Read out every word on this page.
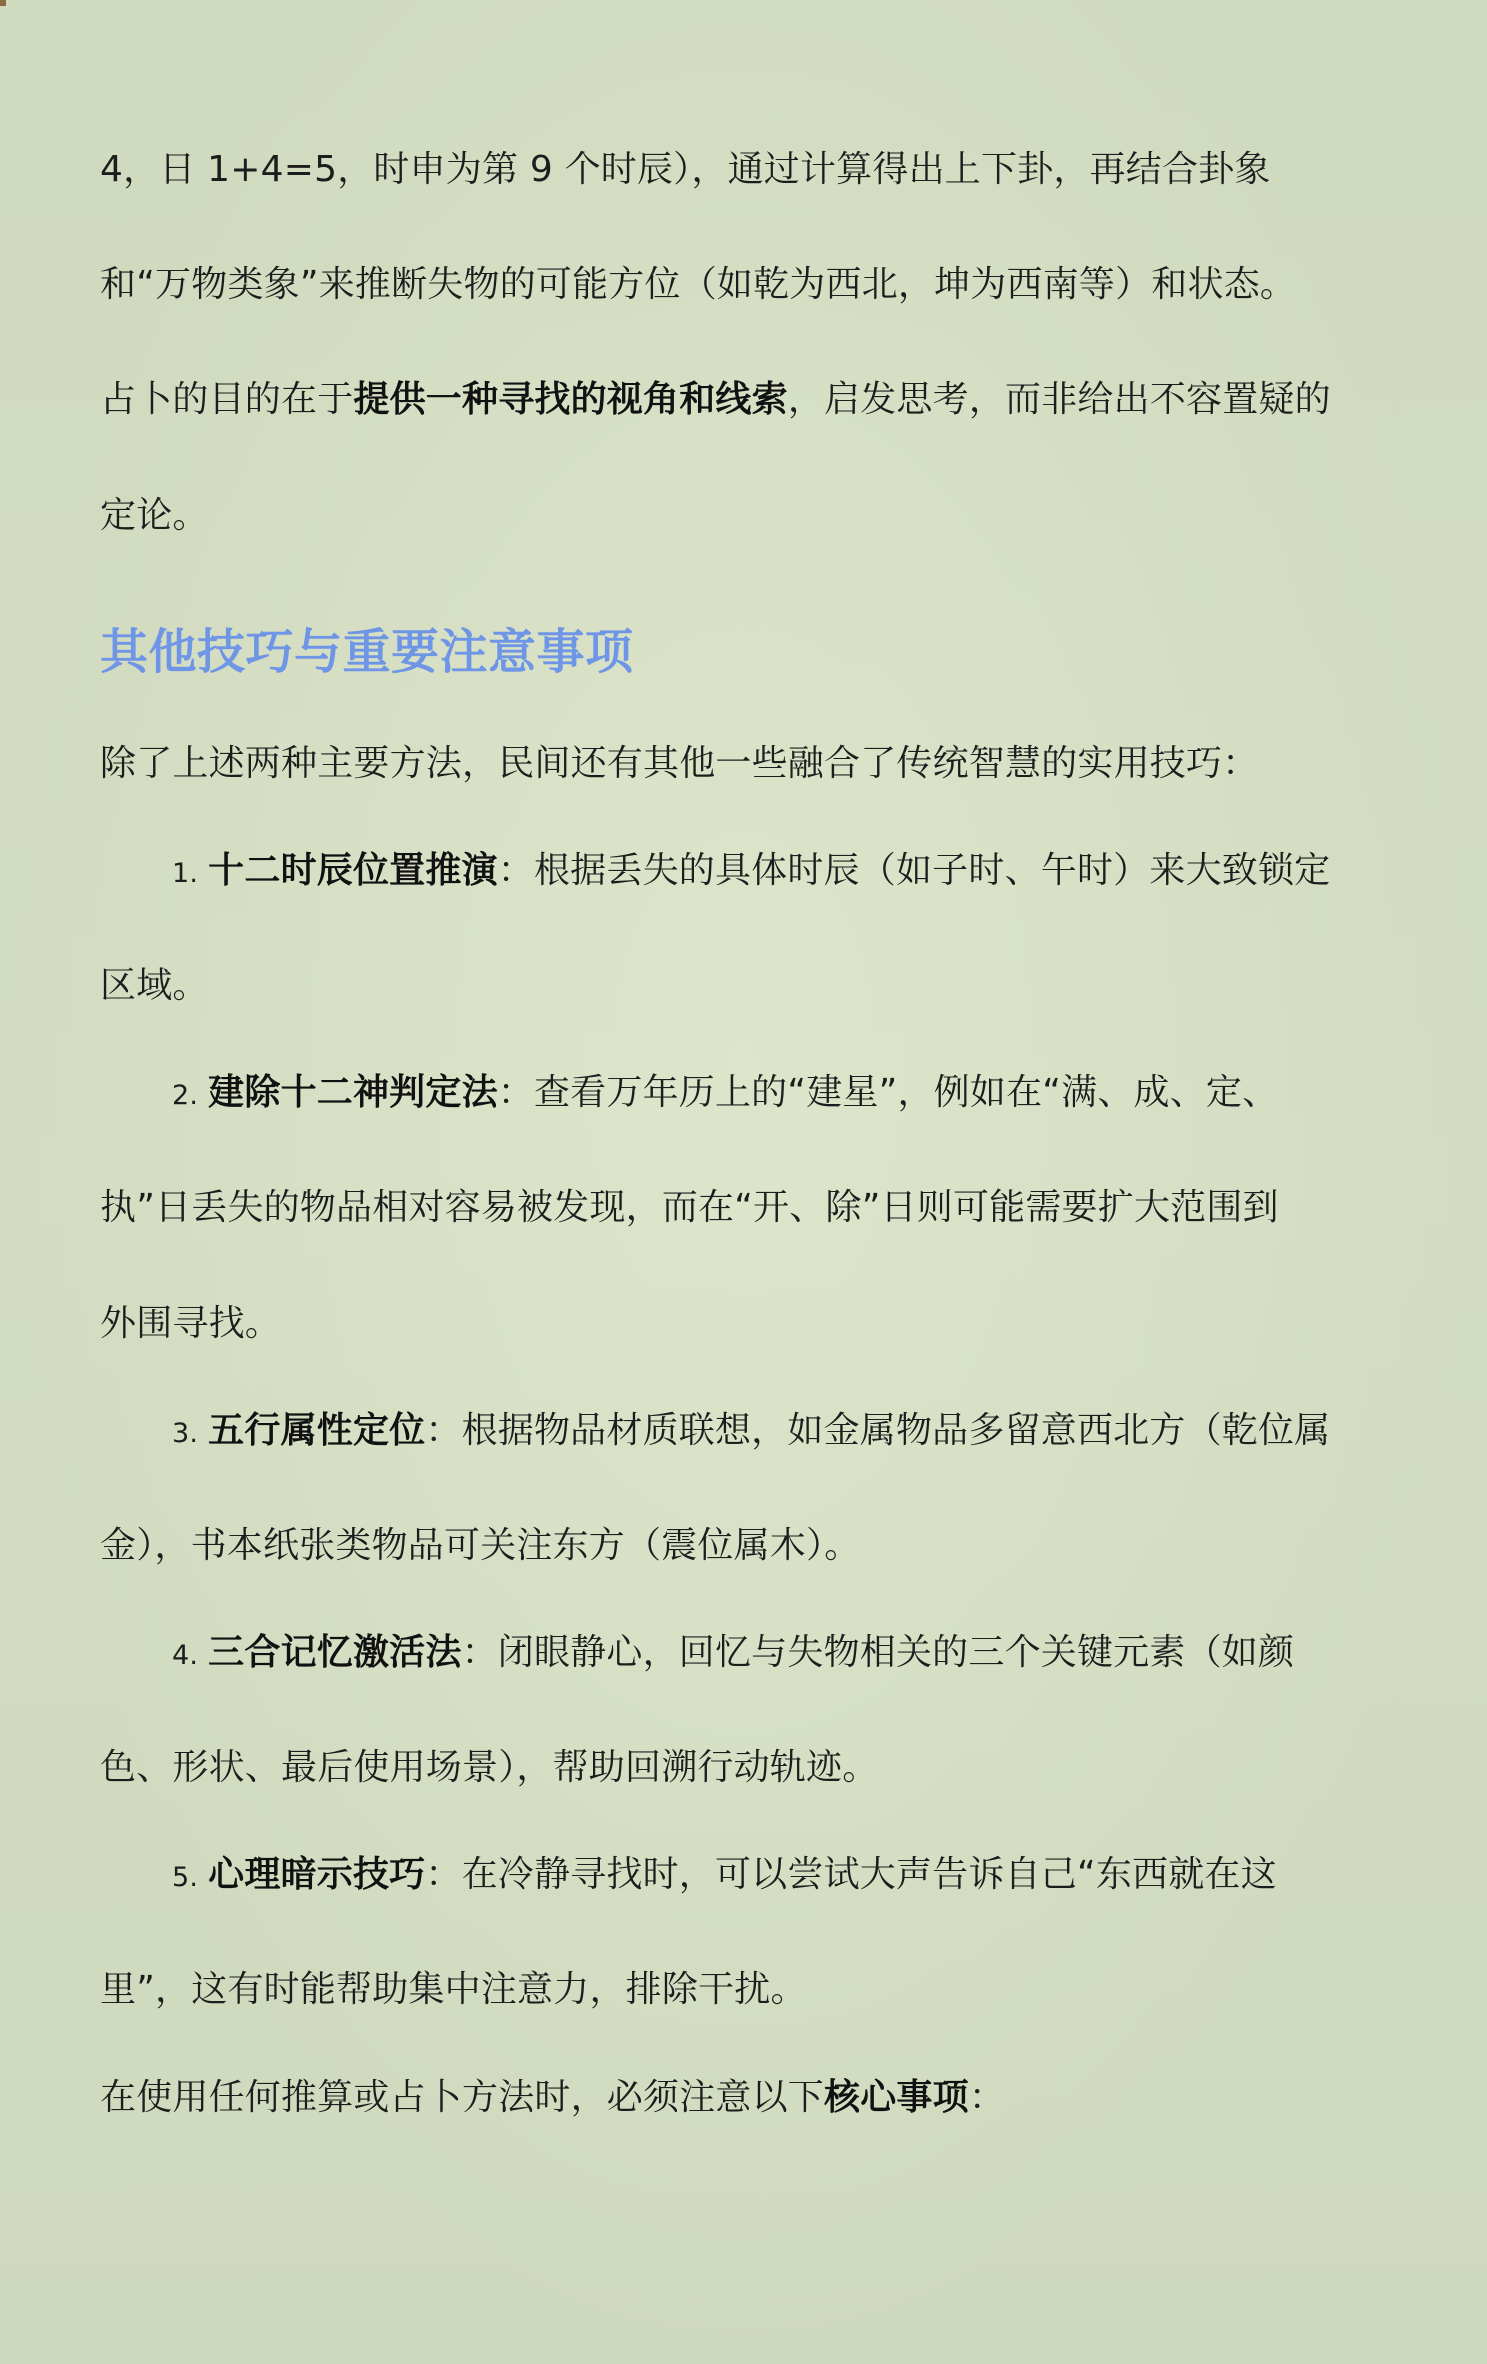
4，日 1+4=5，时申为第 9 个时辰），通过计算得出上下卦，再结合卦象
和“万物类象”来推断失物的可能方位（如乾为西北，坤为西南等）和状态。
占卜的目的在于提供一种寻找的视角和线索，启发思考，而非给出不容置疑的
定论。
其他技巧与重要注意事项
除了上述两种主要方法，民间还有其他一些融合了传统智慧的实用技巧：
1. 十二时辰位置推演：根据丢失的具体时辰（如子时、午时）来大致锁定
区域。
2. 建除十二神判定法：查看万年历上的“建星”，例如在“满、成、定、
执”日丢失的物品相对容易被发现，而在“开、除”日则可能需要扩大范围到
外围寻找。
3. 五行属性定位：根据物品材质联想，如金属物品多留意西北方（乾位属
金），书本纸张类物品可关注东方（震位属木）。
4. 三合记忆激活法：闭眼静心，回忆与失物相关的三个关键元素（如颜
色、形状、最后使用场景），帮助回溯行动轨迹。
5. 心理暗示技巧：在冷静寻找时，可以尝试大声告诉自己“东西就在这
里”，这有时能帮助集中注意力，排除干扰。
在使用任何推算或占卜方法时，必须注意以下核心事项：
